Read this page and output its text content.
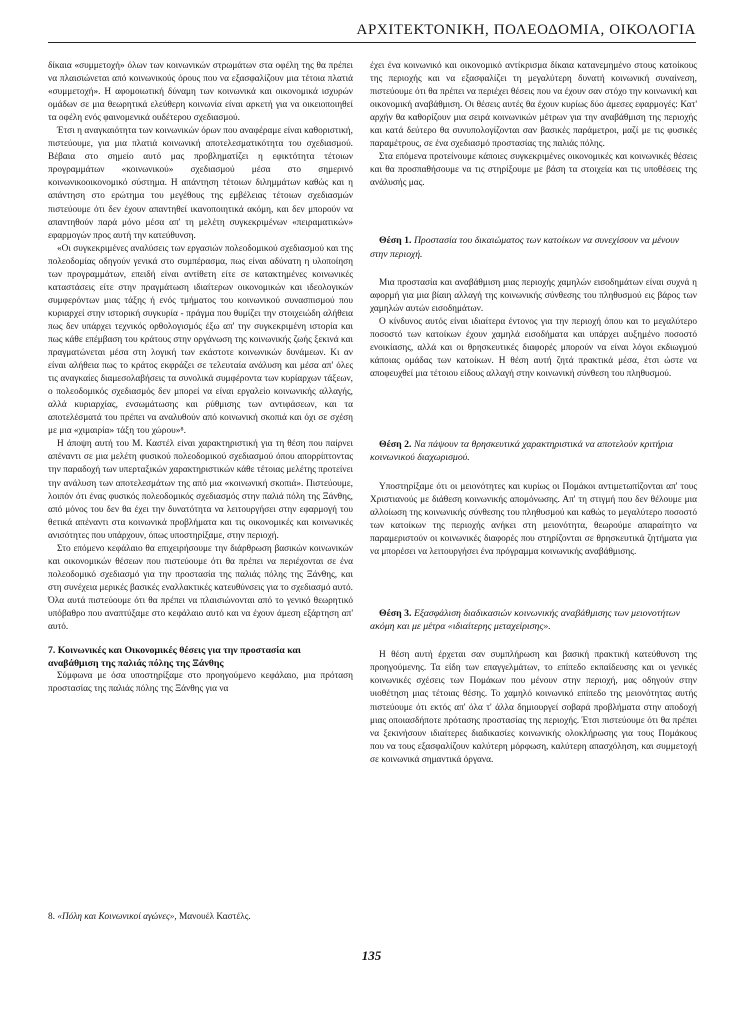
ΑΡΧΙΤΕΚΤΟΝΙΚΗ, ΠΟΛΕΟΔΟΜΙΑ, ΟΙΚΟΛΟΓΙΑ

δίκαια «συμμετοχή» όλων των κοινωνικών στρωμάτων στα οφέλη της θα πρέπει να πλαισιώνεται από κοινωνικούς όρους που να εξασφαλίζουν μια τέτοια πλατιά «συμμετοχή». Η αφομοιωτική δύναμη των κοινωνικά και οικονομικά ισχυρών ομάδων σε μια θεωρητικά ελεύθερη κοινωνία είναι αρκετή για να οικειοποιηθεί τα οφέλη ενός φαινομενικά ουδέτερου σχεδιασμού.

Έτσι η αναγκαιότητα των κοινωνικών όρων που αναφέραμε είναι καθοριστική, πιστεύουμε, για μια πλατιά κοινωνική αποτελεσματικότητα του σχεδιασμού. Βέβαια στο σημείο αυτό μας προβληματίζει η εφικτότητα τέτοιων προγραμμάτων «κοινωνικού» σχεδιασμού μέσα στο σημερινό κοινωνικοοικονομικό σύστημα. Η απάντηση τέτοιων διλημμάτων καθώς και η απάντηση στο ερώτημα του μεγέθους της εμβέλειας τέτοιων σχεδιασμών πιστεύουμε ότι δεν έχουν απαντηθεί ικανοποιητικά ακόμη, και δεν μπορούν να απαντηθούν παρά μόνο μέσα απ' τη μελέτη συγκεκριμένων «πειραματικών» εφαρμογών προς αυτή την κατεύθυνση.

«Οι συγκεκριμένες αναλύσεις των εργασιών πολεοδομικού σχεδιασμού και της πολεοδομίας οδηγούν γενικά στο συμπέρασμα, πως είναι αδύνατη η υλοποίηση των προγραμμάτων, επειδή είναι αντίθετη είτε σε κατακτημένες κοινωνικές καταστάσεις είτε στην πραγμάτωση ιδιαίτερων οικονομικών και ιδεολογικών συμφερόντων μιας τάξης ή ενός τμήματος του κοινωνικού συνασπισμού που κυριαρχεί στην ιστορική συγκυρία - πράγμα που θυμίζει την στοιχειώδη αλήθεια πως δεν υπάρχει τεχνικός ορθολογισμός έξω απ' την συγκεκριμένη ιστορία και πως κάθε επέμβαση του κράτους στην οργάνωση της κοινωνικής ζωής ξεκινά και πραγματώνεται μέσα στη λογική των εκάστοτε κοινωνικών δυνάμεων. Κι αν είναι αλήθεια πως το κράτος εκφράζει σε τελευταία ανάλυση και μέσα απ' όλες τις αναγκαίες διαμεσολαβήσεις τα συνολικά συμφέροντα των κυρίαρχων τάξεων, ο πολεοδομικός σχεδιασμός δεν μπορεί να είναι εργαλείο κοινωνικής αλλαγής, αλλά κυριαρχίας, ενσωμάτωσης και ρύθμισης των αντιφάσεων, και τα αποτελέσματά του πρέπει να αναλυθούν από κοινωνική σκοπιά και όχι σε σχέση με μια «χιμαιρία» τάξη του χώρου»⁸.

Η άποψη αυτή του Μ. Καστέλ είναι χαρακτηριστική για τη θέση που παίρνει απέναντι σε μια μελέτη φυσικού πολεοδομικού σχεδιασμού όπου απορρίπτοντας την παραδοχή των υπερταξικών χαρακτηριστικών κάθε τέτοιας μελέτης προτείνει την ανάλυση των αποτελεσμάτων της από μια «κοινωνική σκοπιά». Πιστεύουμε, λοιπόν ότι ένας φυσικός πολεοδομικός σχεδιασμός στην παλιά πόλη της Ξάνθης, από μόνος του δεν θα έχει την δυνατότητα να λειτουργήσει στην εφαρμογή του θετικά απέναντι στα κοινωνικά προβλήματα και τις οικονομικές και κοινωνικές ανισότητες που υπάρχουν, όπως υποστηρίξαμε, στην περιοχή.

Στο επόμενο κεφάλαιο θα επιχειρήσουμε την διάρθρωση βασικών κοινωνικών και οικονομικών θέσεων που πιστεύουμε ότι θα πρέπει να περιέχονται σε ένα πολεοδομικό σχεδιασμό για την προστασία της παλιάς πόλης της Ξάνθης, και στη συνέχεια μερικές βασικές εναλλακτικές κατευθύνσεις για το σχεδιασμό αυτό. Όλα αυτά πιστεύουμε ότι θα πρέπει να πλαισιώνονται από το γενικό θεωρητικό υπόβαθρο που αναπτύξαμε στο κεφάλαιο αυτό και να έχουν άμεση εξάρτηση απ' αυτό.

7. Κοινωνικές και Οικονομικές θέσεις για την προστασία και αναβάθμιση της παλιάς πόλης της Ξάνθης

Σύμφωνα με όσα υποστηρίξαμε στο προηγούμενο κεφάλαιο, μια πρόταση προστασίας της παλιάς πόλης της Ξάνθης για να

έχει ένα κοινωνικό και οικονομικό αντίκρισμα δίκαια κατανεμημένο στους κατοίκους της περιοχής και να εξασφαλίζει τη μεγαλύτερη δυνατή κοινωνική συναίνεση, πιστεύουμε ότι θα πρέπει να περιέχει θέσεις που να έχουν σαν στόχο την κοινωνική και οικονομική αναβάθμιση. Οι θέσεις αυτές θα έχουν κυρίως δύο άμεσες εφαρμογές: Κατ' αρχήν θα καθορίζουν μια σειρά κοινωνικών μέτρων για την αναβάθμιση της περιοχής και κατά δεύτερο θα συνυπολογίζονται σαν βασικές παράμετροι, μαζί με τις φυσικές παραμέτρους, σε ένα σχεδιασμό προστασίας της παλιάς πόλης.

Στα επόμενα προτείνουμε κάποιες συγκεκριμένες οικονομικές και κοινωνικές θέσεις και θα προσπαθήσουμε να τις στηρίξουμε με βάση τα στοιχεία και τις υποθέσεις της ανάλυσής μας.

Θέση 1. Προστασία του δικαιώματος των κατοίκων να συνεχίσουν να μένουν στην περιοχή.

Μια προστασία και αναβάθμιση μιας περιοχής χαμηλών εισοδημάτων είναι συχνά η αφορμή για μια βίαιη αλλαγή της κοινωνικής σύνθεσης του πληθυσμού εις βάρος των χαμηλών αυτών εισοδημάτων.

Ο κίνδυνος αυτός είναι ιδιαίτερα έντονος για την περιοχή όπου και το μεγαλύτερο ποσοστό των κατοίκων έχουν χαμηλά εισοδήματα και υπάρχει αυξημένο ποσοστό ενοικίασης, αλλά και οι θρησκευτικές διαφορές μπορούν να είναι λόγοι εκδιωγμού κάποιας ομάδας των κατοίκων. Η θέση αυτή ζητά πρακτικά μέσα, έτσι ώστε να αποφευχθεί μια τέτοιου είδους αλλαγή στην κοινωνική σύνθεση του πληθυσμού.

Θέση 2. Να πάψουν τα θρησκευτικά χαρακτηριστικά να αποτελούν κριτήρια κοινωνικού διαχωρισμού.

Υποστηρίξαμε ότι οι μειονότητες και κυρίως οι Πομάκοι αντιμετωπίζονται απ' τους Χριστιανούς με διάθεση κοινωνικής απομόνωσης. Απ' τη στιγμή που δεν θέλουμε μια αλλοίωση της κοινωνικής σύνθεσης του πληθυσμού και καθώς το μεγαλύτερο ποσοστό των κατοίκων της περιοχής ανήκει στη μειονότητα, θεωρούμε απαραίτητο να παραμεριστούν οι κοινωνικές διαφορές που στηρίζονται σε θρησκευτικά ζητήματα για να μπορέσει να λειτουργήσει ένα πρόγραμμα κοινωνικής αναβάθμισης.

Θέση 3. Εξασφάλιση διαδικασιών κοινωνικής αναβάθμισης των μειονοτήτων ακόμη και με μέτρα «ιδιαίτερης μεταχείρισης».

Η θέση αυτή έρχεται σαν συμπλήρωση και βασική πρακτική κατεύθυνση της προηγούμενης. Τα είδη των επαγγελμάτων, το επίπεδο εκπαίδευσης και οι γενικές κοινωνικές σχέσεις των Πομάκων που μένουν στην περιοχή, μας οδηγούν στην υιοθέτηση μιας τέτοιας θέσης. Το χαμηλό κοινωνικό επίπεδο της μειονότητας αυτής πιστεύουμε ότι εκτός απ' όλα τ' άλλα δημιουργεί σοβαρά προβλήματα στην αποδοχή μιας οποιασδήποτε πρότασης προστασίας της περιοχής. Έτσι πιστεύουμε ότι θα πρέπει να ξεκινήσουν ιδιαίτερες διαδικασίες κοινωνικής ολοκλήρωσης για τους Πομάκους που να τους εξασφαλίζουν καλύτερη μόρφωση, καλύτερη απασχόληση, και συμμετοχή σε κοινωνικά σημαντικά όργανα.

8. «Πόλη και Κοινωνικοί αγώνες», Μανουέλ Καστέλς.
135
